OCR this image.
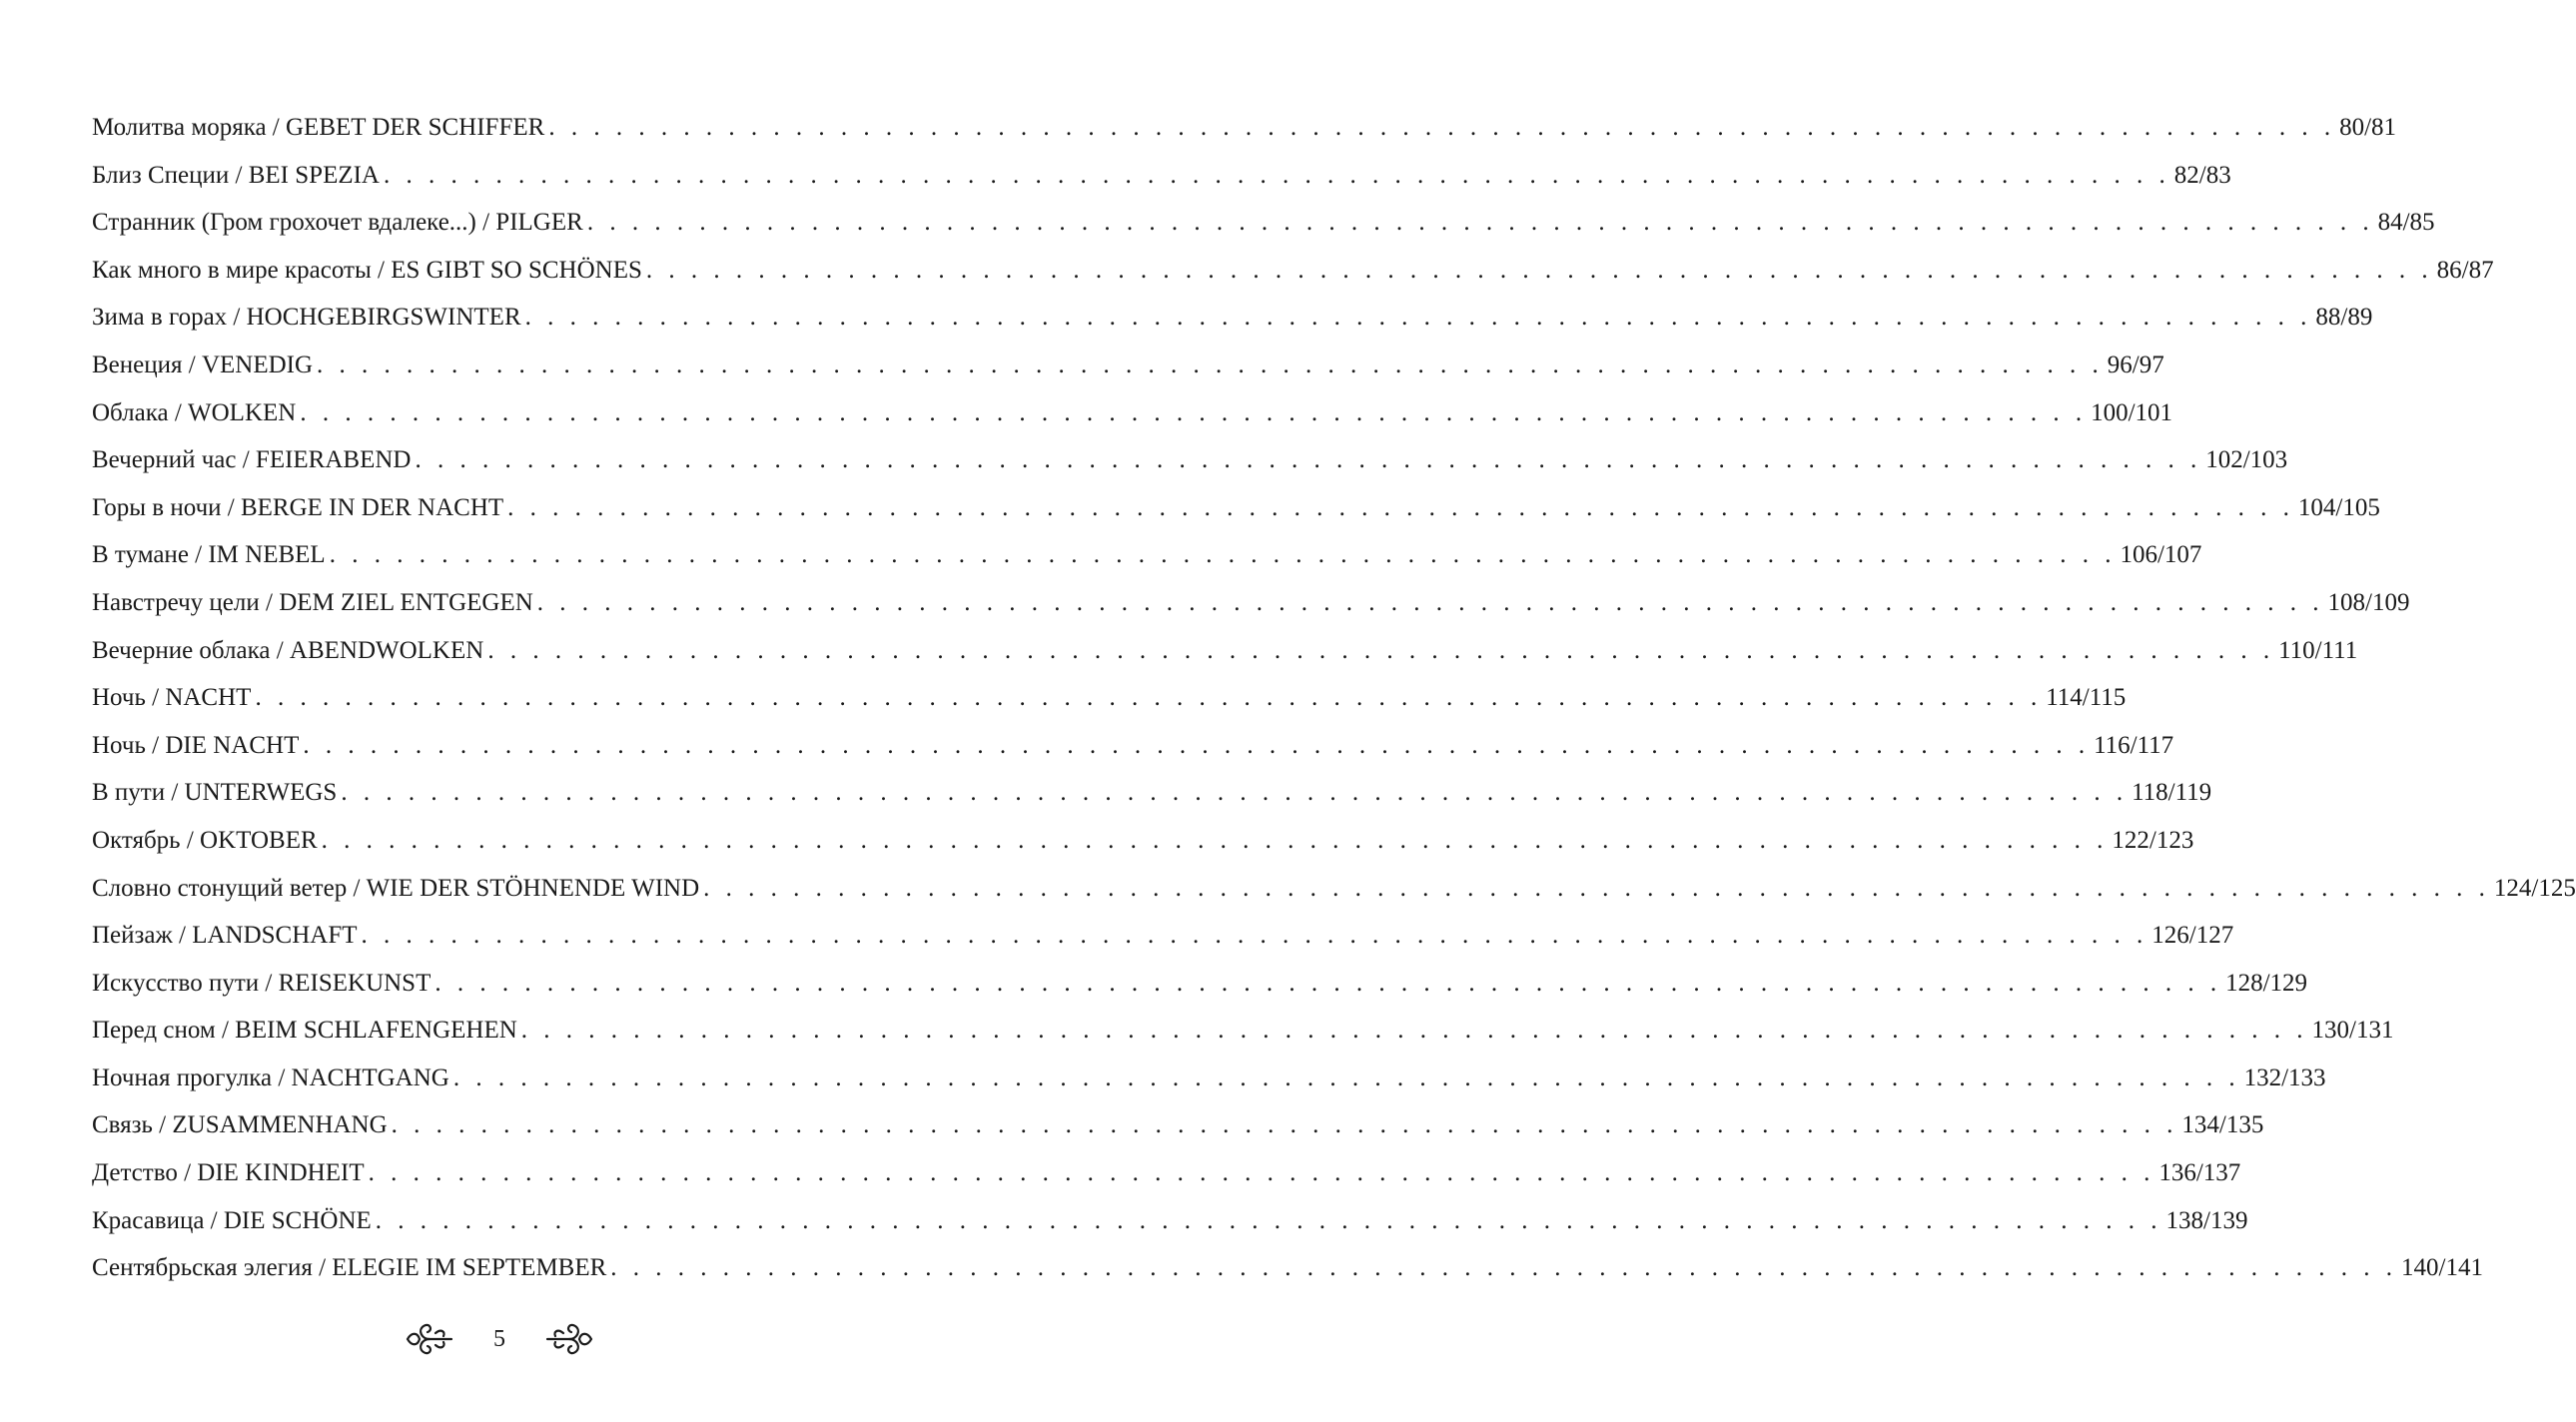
Молитва моряка / GEBET DER SCHIFFER . . . . . . . . . . . . . . . . . . . . . . . . . . . . . . . . . . . . . . . . . . . . . . . . . . . . . . . . . . . . . . . . . . . . . . . . . . . . . . . . 80/81
Близ Специи / BEI SPEZIA . . . . . . . . . . . . . . . . . . . . . . . . . . . . . . . . . . . . . . . . . . . . . . . . . . . . . . . . . . . . . . . . . . . . . . . . . . . . . . . . 82/83
Странник (Гром грохочет вдалеке...) / PILGER . . . . . . . . . . . . . . . . . . . . . . . . . . . . . . . . . . . . . . . . . . . . . . . . . . . . . . . . . . . . . . . . . . . . . . . . . . . . . . . . 84/85
Как много в мире красоты / ES GIBT SO SCHÖNES . . . . . . . . . . . . . . . . . . . . . . . . . . . . . . . . . . . . . . . . . . . . . . . . . . . . . . . . . . . . . . . . . . . . . . . . . . . . . . . . 86/87
Зима в горах / HOCHGEBIRGSWINTER . . . . . . . . . . . . . . . . . . . . . . . . . . . . . . . . . . . . . . . . . . . . . . . . . . . . . . . . . . . . . . . . . . . . . . . . . . . . . . . . 88/89
Венеция / VENEDIG . . . . . . . . . . . . . . . . . . . . . . . . . . . . . . . . . . . . . . . . . . . . . . . . . . . . . . . . . . . . . . . . . . . . . . . . . . . . . . . . 96/97
Облака / WOLKEN . . . . . . . . . . . . . . . . . . . . . . . . . . . . . . . . . . . . . . . . . . . . . . . . . . . . . . . . . . . . . . . . . . . . . . . . . . . . . . . . 100/101
Вечерний час / FEIERABEND . . . . . . . . . . . . . . . . . . . . . . . . . . . . . . . . . . . . . . . . . . . . . . . . . . . . . . . . . . . . . . . . . . . . . . . . . . . . . . . . 102/103
Горы в ночи / BERGE IN DER NACHT . . . . . . . . . . . . . . . . . . . . . . . . . . . . . . . . . . . . . . . . . . . . . . . . . . . . . . . . . . . . . . . . . . . . . . . . . . . . . . . . 104/105
В тумане / IM NEBEL . . . . . . . . . . . . . . . . . . . . . . . . . . . . . . . . . . . . . . . . . . . . . . . . . . . . . . . . . . . . . . . . . . . . . . . . . . . . . . . . 106/107
Навстречу цели / DEM ZIEL ENTGEGEN . . . . . . . . . . . . . . . . . . . . . . . . . . . . . . . . . . . . . . . . . . . . . . . . . . . . . . . . . . . . . . . . . . . . . . . . . . . . . . . . 108/109
Вечерние облака / ABENDWOLKEN . . . . . . . . . . . . . . . . . . . . . . . . . . . . . . . . . . . . . . . . . . . . . . . . . . . . . . . . . . . . . . . . . . . . . . . . . . . . . . . . 110/111
Ночь / NACHT . . . . . . . . . . . . . . . . . . . . . . . . . . . . . . . . . . . . . . . . . . . . . . . . . . . . . . . . . . . . . . . . . . . . . . . . . . . . . . . . 114/115
Ночь / DIE NACHT . . . . . . . . . . . . . . . . . . . . . . . . . . . . . . . . . . . . . . . . . . . . . . . . . . . . . . . . . . . . . . . . . . . . . . . . . . . . . . . . 116/117
В пути / UNTERWEGS . . . . . . . . . . . . . . . . . . . . . . . . . . . . . . . . . . . . . . . . . . . . . . . . . . . . . . . . . . . . . . . . . . . . . . . . . . . . . . . . 118/119
Октябрь / OKTOBER . . . . . . . . . . . . . . . . . . . . . . . . . . . . . . . . . . . . . . . . . . . . . . . . . . . . . . . . . . . . . . . . . . . . . . . . . . . . . . . . 122/123
Словно стонущий ветер / WIE DER STÖHNENDE WIND . . . . . . . . . . . . . . . . . . . . . . . . . . . . . . . . . . . . . . . . . . . . . . . . . . . . . . . . . . . . . . . . . . . . . . . . . . . . . . . . 124/125
Пейзаж / LANDSCHAFT . . . . . . . . . . . . . . . . . . . . . . . . . . . . . . . . . . . . . . . . . . . . . . . . . . . . . . . . . . . . . . . . . . . . . . . . . . . . . . . . 126/127
Искусство пути / REISEKUNST . . . . . . . . . . . . . . . . . . . . . . . . . . . . . . . . . . . . . . . . . . . . . . . . . . . . . . . . . . . . . . . . . . . . . . . . . . . . . . . . 128/129
Перед сном / BEIM SCHLAFENGEHEN . . . . . . . . . . . . . . . . . . . . . . . . . . . . . . . . . . . . . . . . . . . . . . . . . . . . . . . . . . . . . . . . . . . . . . . . . . . . . . . . 130/131
Ночная прогулка / NACHTGANG . . . . . . . . . . . . . . . . . . . . . . . . . . . . . . . . . . . . . . . . . . . . . . . . . . . . . . . . . . . . . . . . . . . . . . . . . . . . . . . . 132/133
Связь / ZUSAMMENHANG . . . . . . . . . . . . . . . . . . . . . . . . . . . . . . . . . . . . . . . . . . . . . . . . . . . . . . . . . . . . . . . . . . . . . . . . . . . . . . . . 134/135
Детство / DIE KINDHEIT . . . . . . . . . . . . . . . . . . . . . . . . . . . . . . . . . . . . . . . . . . . . . . . . . . . . . . . . . . . . . . . . . . . . . . . . . . . . . . . . 136/137
Красавица / DIE SCHÖNE . . . . . . . . . . . . . . . . . . . . . . . . . . . . . . . . . . . . . . . . . . . . . . . . . . . . . . . . . . . . . . . . . . . . . . . . . . . . . . . . 138/139
Сентябрьская элегия / ELEGIE IM SEPTEMBER . . . . . . . . . . . . . . . . . . . . . . . . . . . . . . . . . . . . . . . . . . . . . . . . . . . . . . . . . . . . . . . . . . . . . . . . . . . . . . . . 140/141
5
